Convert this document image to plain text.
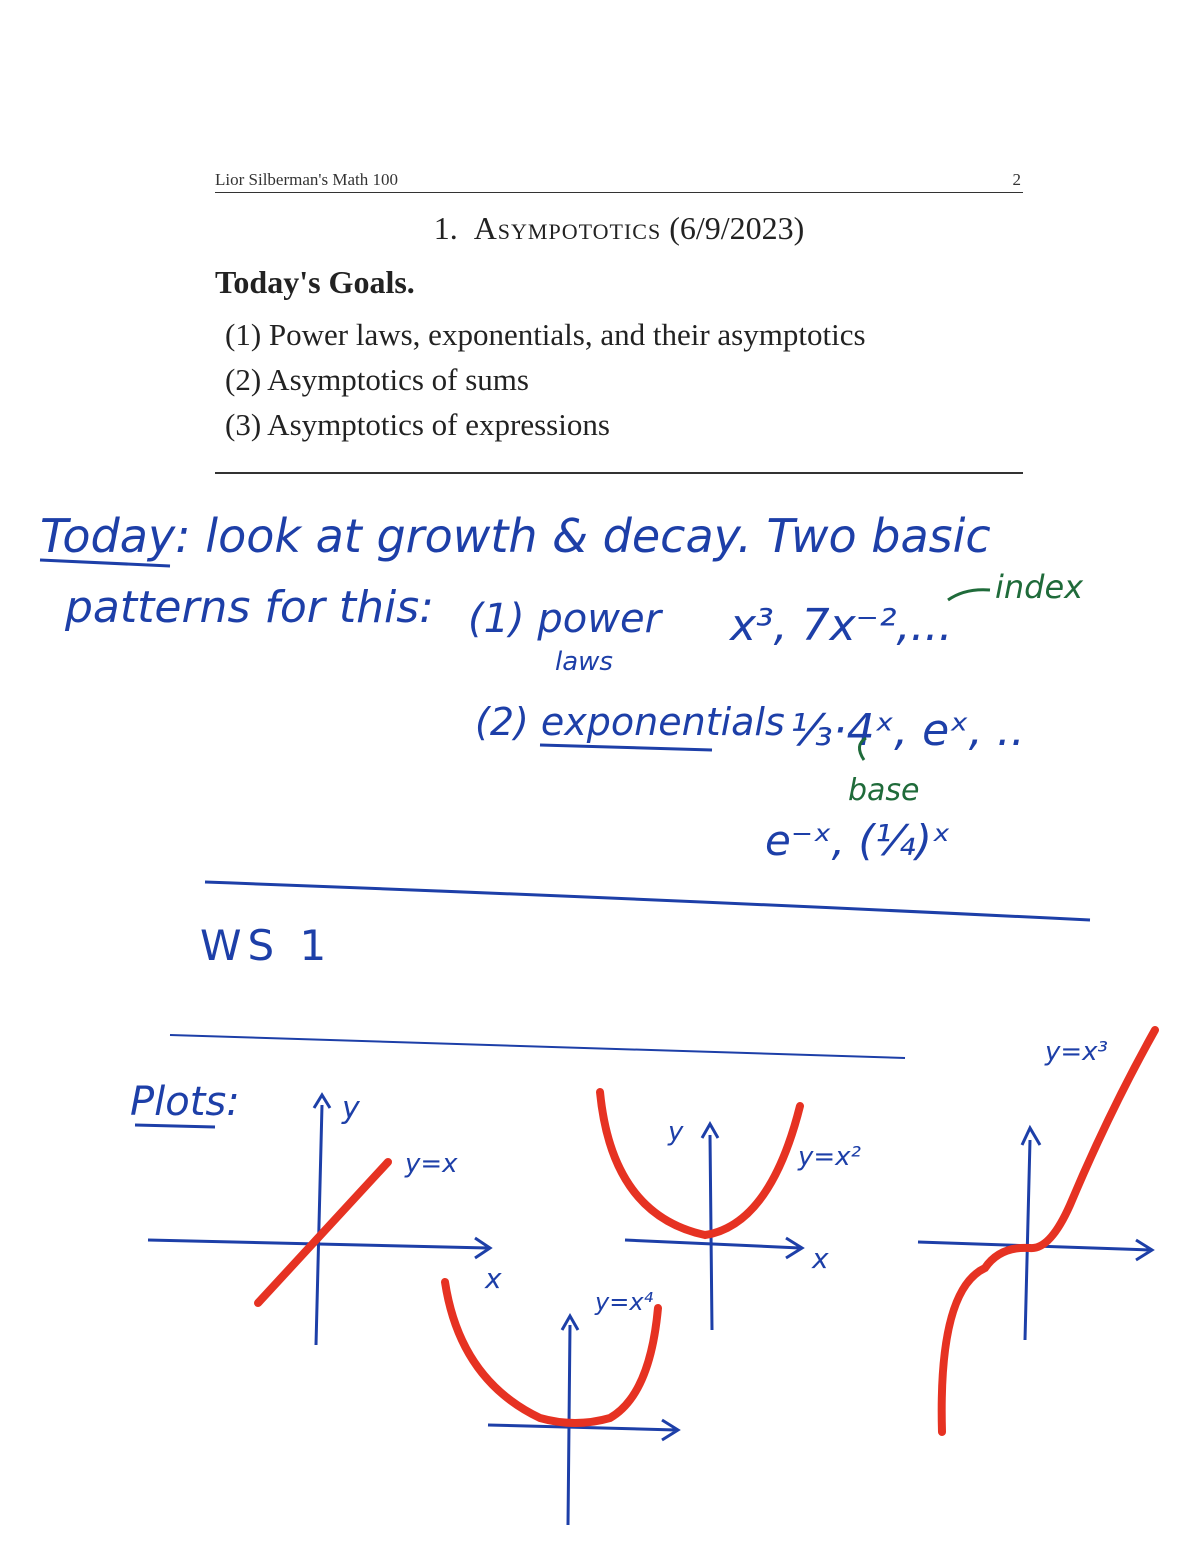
Lior Silberman's Math 100	2
1. Asympototics (6/9/2023)
Today's Goals.
(1) Power laws, exponentials, and their asymptotics
(2) Asymptotics of sums
(3) Asymptotics of expressions
Today: look at growth & decay. Two basic
patterns for this: (1) power
laws
x³, 7x⁻²,...
(2) exponentials ⅓·4ˣ, eˣ, ..
e⁻ˣ, (¼)ˣ
WS 1
Plots:
index
base
y=x
y
x
y=x²
y
x
y=x⁴
y=x³
